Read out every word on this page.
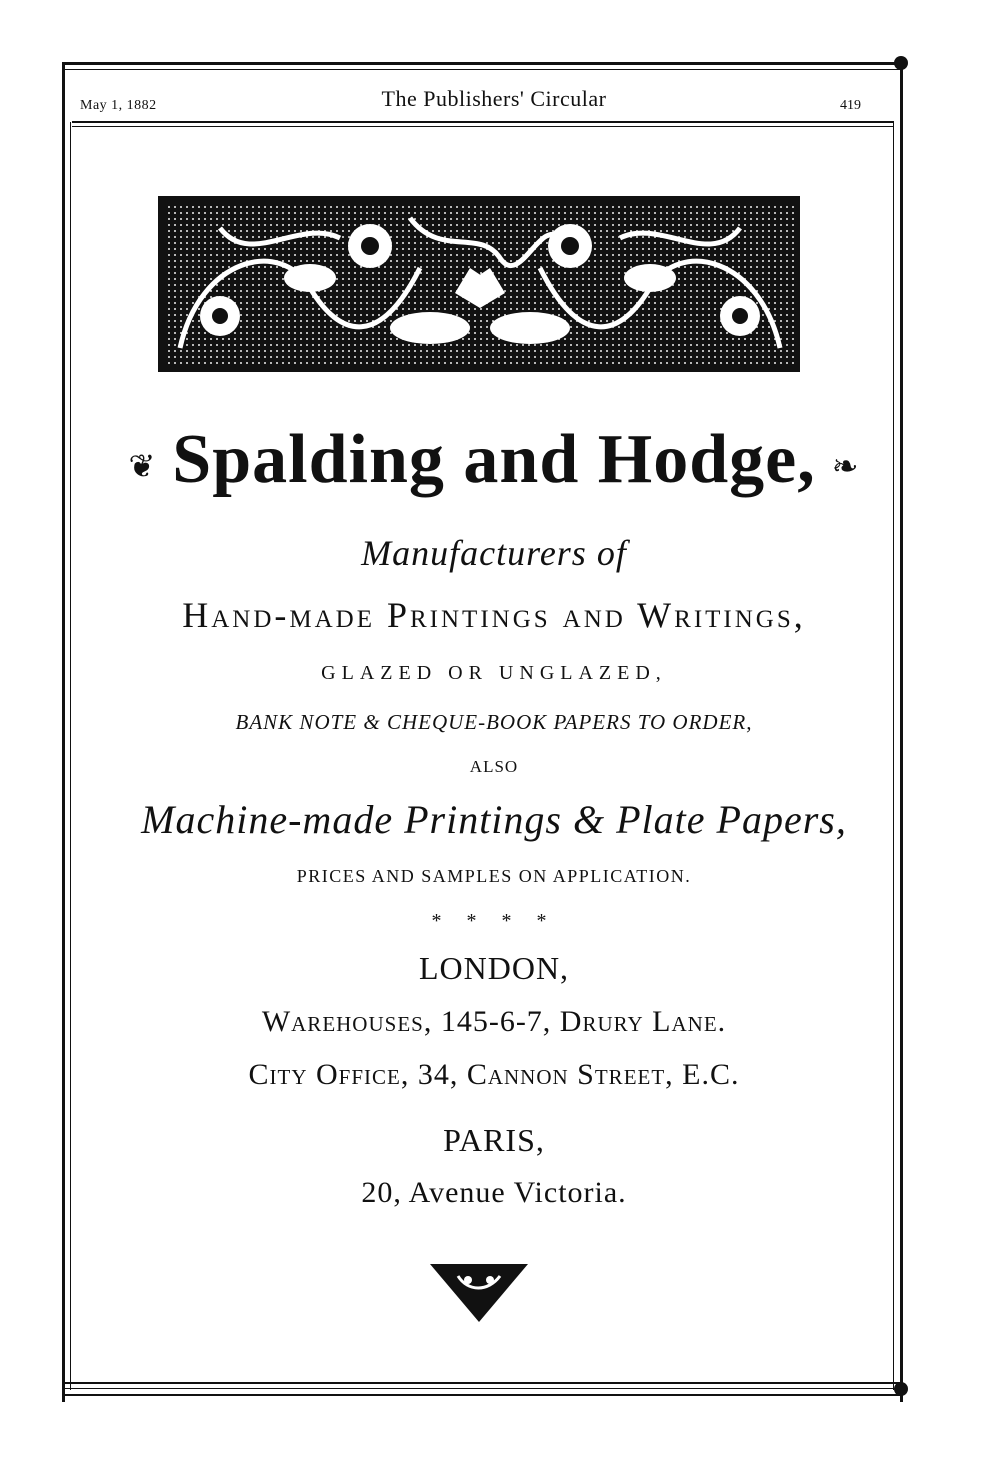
May 1, 1882	The Publishers' Circular	419
❦ Spalding and Hodge, ❧
Manufacturers of
Hand-made Printings and Writings,
GLAZED OR UNGLAZED,
BANK NOTE & CHEQUE-BOOK PAPERS TO ORDER,
ALSO
Machine-made Printings & Plate Papers,
PRICES AND SAMPLES ON APPLICATION.
* * * *
LONDON,
Warehouses, 145-6-7, Drury Lane.
City Office, 34, Cannon Street, E.C.
PARIS,
20, Avenue Victoria.
